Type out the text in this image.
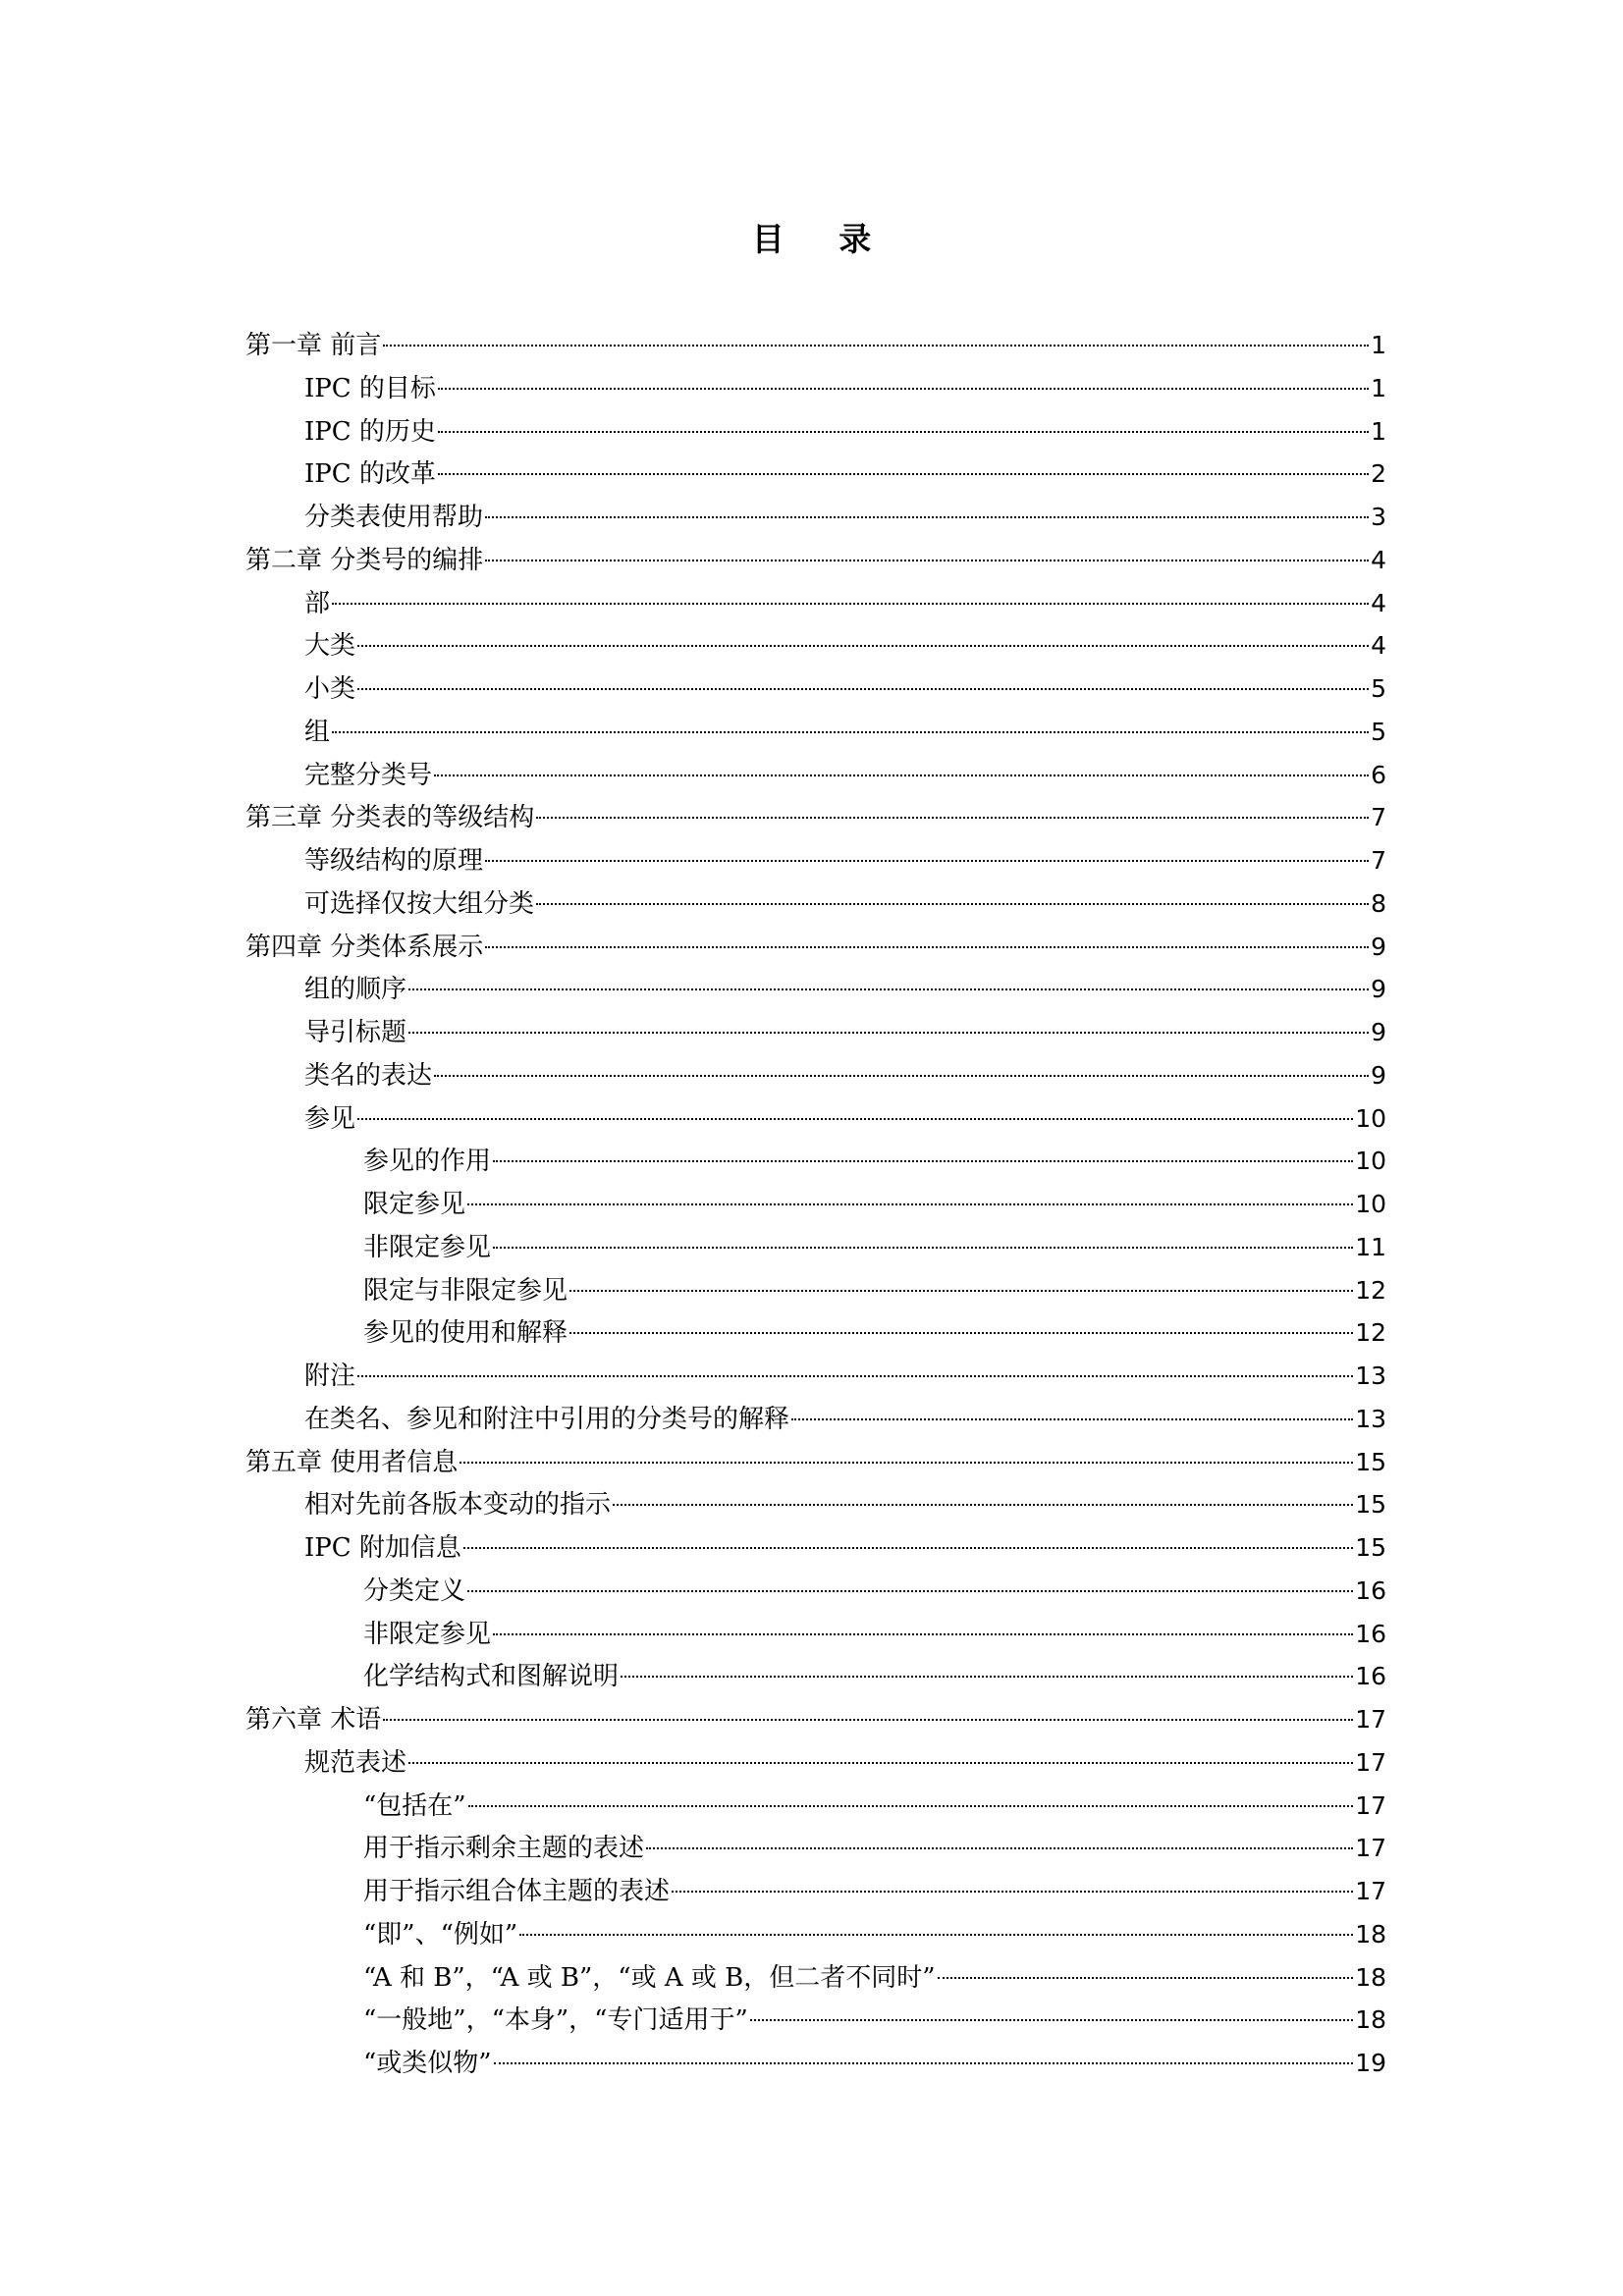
目 录
第一章 前言	1
IPC 的目标	1
IPC 的历史	1
IPC 的改革	2
分类表使用帮助	3
第二章 分类号的编排	4
部	4
大类	4
小类	5
组	5
完整分类号	6
第三章 分类表的等级结构	7
等级结构的原理	7
可选择仅按大组分类	8
第四章 分类体系展示	9
组的顺序	9
导引标题	9
类名的表达	9
参见	10
参见的作用	10
限定参见	10
非限定参见	11
限定与非限定参见	12
参见的使用和解释	12
附注	13
在类名、参见和附注中引用的分类号的解释	13
第五章 使用者信息	15
相对先前各版本变动的指示	15
IPC 附加信息	15
分类定义	16
非限定参见	16
化学结构式和图解说明	16
第六章 术语	17
规范表述	17
“包括在”	17
用于指示剩余主题的表述	17
用于指示组合体主题的表述	17
“即”、“例如”	18
“A 和 B”，“A 或 B”，“或 A 或 B，但二者不同时”	18
“一般地”，“本身”，“专门适用于”	18
“或类似物”	19
